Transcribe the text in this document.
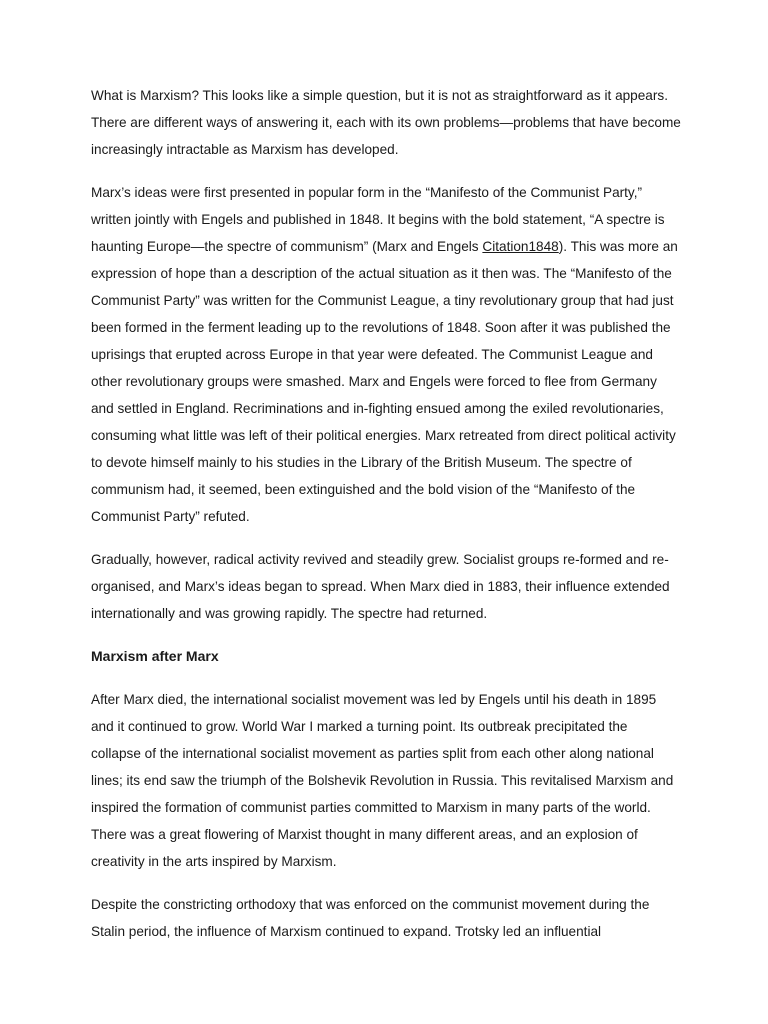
What is Marxism? This looks like a simple question, but it is not as straightforward as it appears. There are different ways of answering it, each with its own problems—problems that have become increasingly intractable as Marxism has developed.

Marx’s ideas were first presented in popular form in the “Manifesto of the Communist Party,” written jointly with Engels and published in 1848. It begins with the bold statement, “A spectre is haunting Europe—the spectre of communism” (Marx and Engels Citation1848). This was more an expression of hope than a description of the actual situation as it then was. The “Manifesto of the Communist Party” was written for the Communist League, a tiny revolutionary group that had just been formed in the ferment leading up to the revolutions of 1848. Soon after it was published the uprisings that erupted across Europe in that year were defeated. The Communist League and other revolutionary groups were smashed. Marx and Engels were forced to flee from Germany and settled in England. Recriminations and in-fighting ensued among the exiled revolutionaries, consuming what little was left of their political energies. Marx retreated from direct political activity to devote himself mainly to his studies in the Library of the British Museum. The spectre of communism had, it seemed, been extinguished and the bold vision of the “Manifesto of the Communist Party” refuted.

Gradually, however, radical activity revived and steadily grew. Socialist groups re-formed and re-organised, and Marx’s ideas began to spread. When Marx died in 1883, their influence extended internationally and was growing rapidly. The spectre had returned.

Marxism after Marx

After Marx died, the international socialist movement was led by Engels until his death in 1895 and it continued to grow. World War I marked a turning point. Its outbreak precipitated the collapse of the international socialist movement as parties split from each other along national lines; its end saw the triumph of the Bolshevik Revolution in Russia. This revitalised Marxism and inspired the formation of communist parties committed to Marxism in many parts of the world. There was a great flowering of Marxist thought in many different areas, and an explosion of creativity in the arts inspired by Marxism.

Despite the constricting orthodoxy that was enforced on the communist movement during the Stalin period, the influence of Marxism continued to expand. Trotsky led an influential
